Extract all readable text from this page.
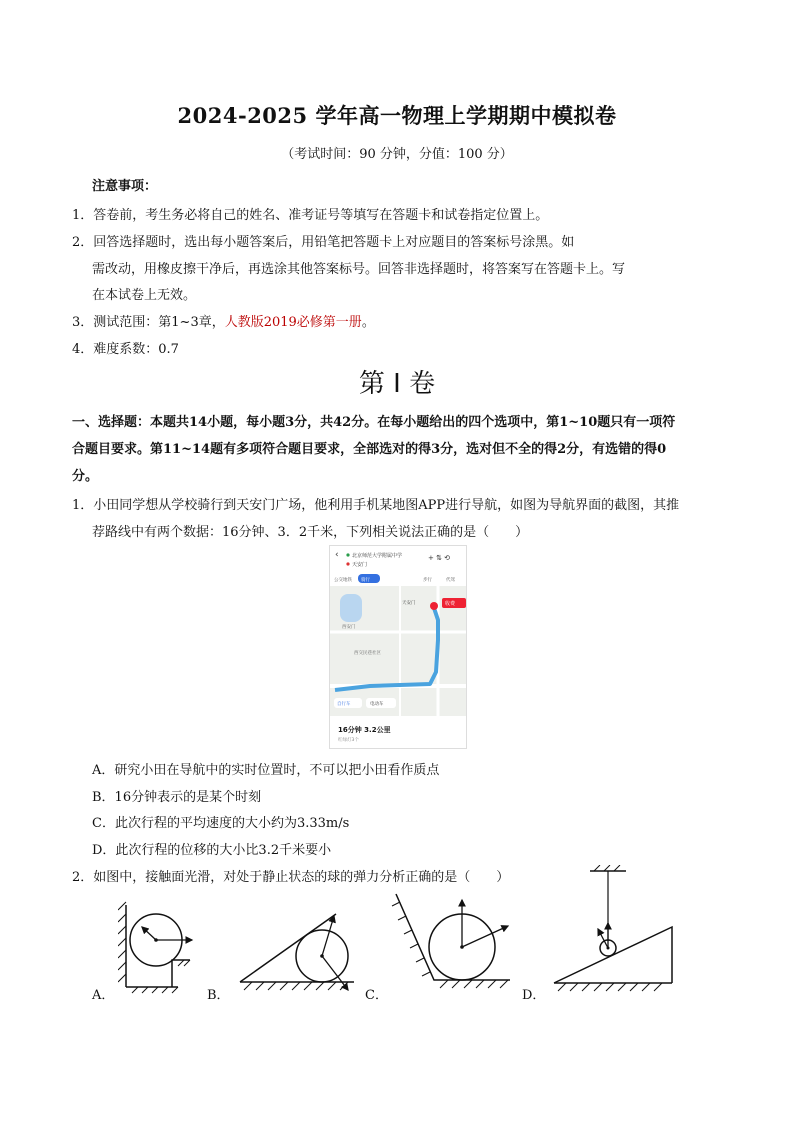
2024-2025 学年高一物理上学期期中模拟卷
（考试时间：90 分钟，分值：100 分）
注意事项：
1．答卷前，考生务必将自己的姓名、准考证号等填写在答题卡和试卷指定位置上。
2．回答选择题时，选出每小题答案后，用铅笔把答题卡上对应题目的答案标号涂黑。如
需改动，用橡皮擦干净后，再选涂其他答案标号。回答非选择题时，将答案写在答题卡上。写
在本试卷上无效。
3．测试范围：第1~3章，人教版2019必修第一册。
4．难度系数：0.7
第 I 卷
一、选择题：本题共14小题，每小题3分，共42分。在每小题给出的四个选项中，第1~10题只有一项符
合题目要求。第11~14题有多项符合题目要求，全部选对的得3分，选对但不全的得2分，有选错的得0
分。
1．小田同学想从学校骑行到天安门广场，他利用手机某地图APP进行导航，如图为导航界面的截图，其推
荐路线中有两个数据：16分钟、3．2千米，下列相关说法正确的是（　　）
‹	北京师范大学附属中学
天安门
+ ⇅ ⟲
公交地铁 骑行	步行	代驾
天安门
西安门
西交民巷社区
收费
自行车	电动车
16分钟 3.2公里
红绿灯3个
A．研究小田在导航中的实时位置时，不可以把小田看作质点
B．16分钟表示的是某个时刻
C．此次行程的平均速度的大小约为3.33m/s
D．此次行程的位移的大小比3.2千米要小
2．如图中，接触面光滑，对处于静止状态的球的弹力分析正确的是（　　）
A．	B．	C．	D．
